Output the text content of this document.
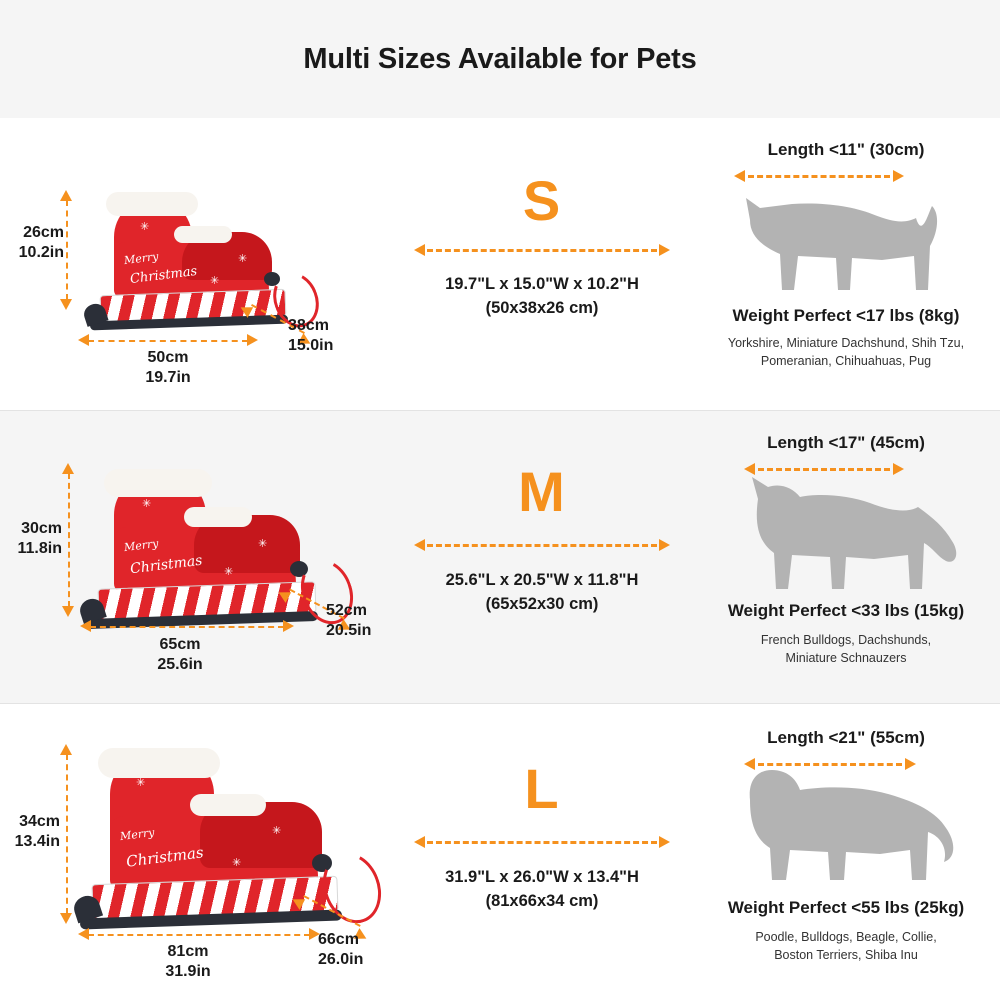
Multi Sizes Available for Pets
Merry
Christmas ✳
✳
✳
26cm
10.2in
50cm
19.7in
38cm
15.0in
S
19.7"L x 15.0"W x 10.2"H
(50x38x26 cm)
Length <11" (30cm)
Weight Perfect <17 lbs (8kg)
Yorkshire, Miniature Dachshund, Shih Tzu,
Pomeranian, Chihuahuas, Pug
Merry
Christmas ✳
✳
✳
30cm
11.8in
65cm
25.6in
52cm
20.5in
M
25.6"L x 20.5"W x 11.8"H
(65x52x30 cm)
Length <17" (45cm)
Weight Perfect <33 lbs (15kg)
French Bulldogs, Dachshunds,
Miniature Schnauzers
Merry
Christmas ✳
✳
✳
34cm
13.4in
81cm
31.9in
66cm
26.0in
L
31.9"L x 26.0"W x 13.4"H
(81x66x34 cm)
Length <21" (55cm)
Weight Perfect <55 lbs (25kg)
Poodle, Bulldogs, Beagle, Collie,
Boston Terriers, Shiba Inu
